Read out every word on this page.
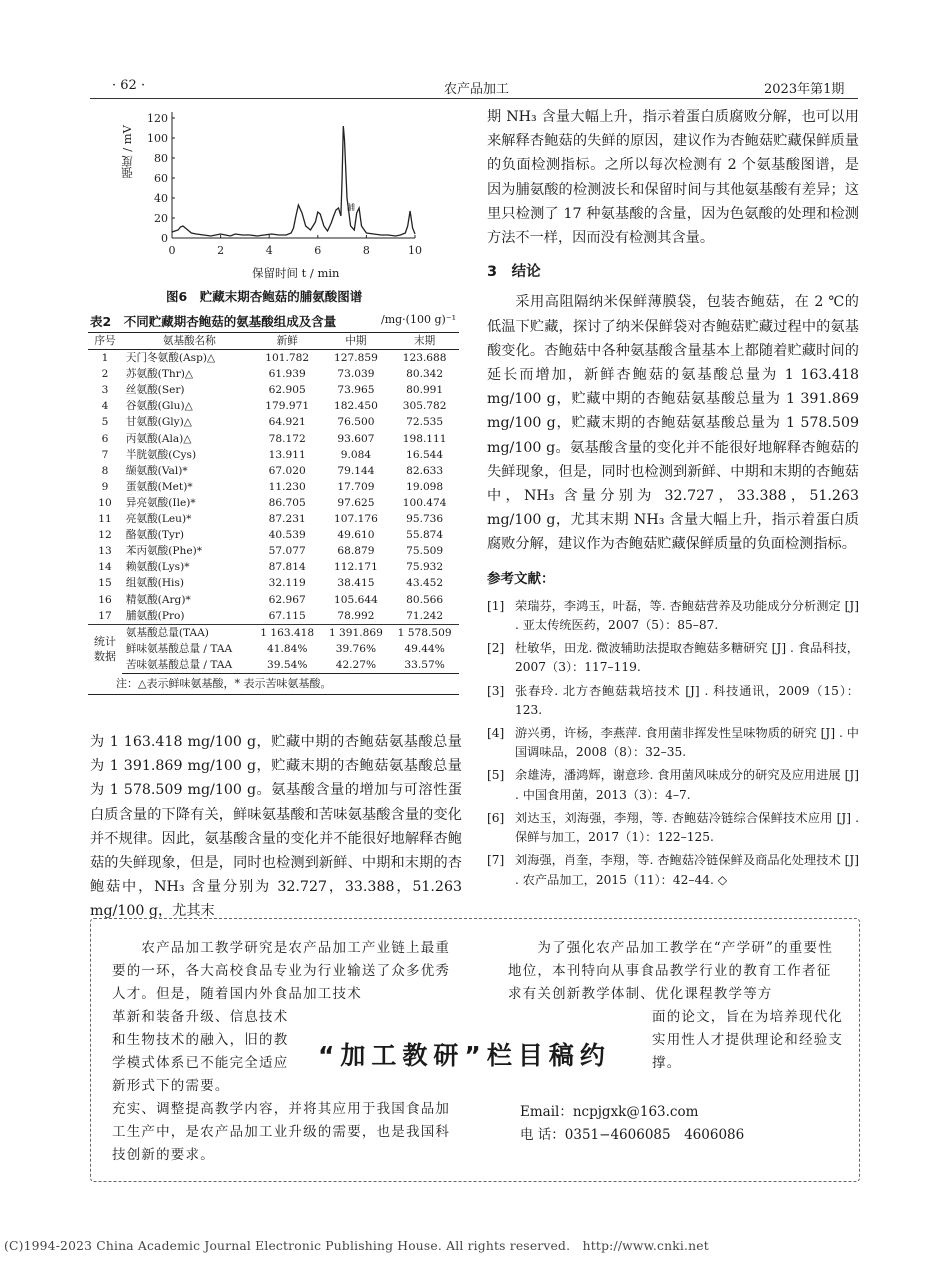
· 62 ·	农产品加工	2023年第1期
120
100
80
60
40
20
0
0	2	4	6	8	10
脯
强度 / mV
保留时间 t / min
图6　贮藏末期杏鲍菇的脯氨酸图谱
表2　不同贮藏期杏鲍菇的氨基酸组成及含量	/mg·(100 g)⁻¹
序号	氨基酸名称	新鲜	中期	末期
1	天门冬氨酸(Asp)△	101.782	127.859	123.688
2	苏氨酸(Thr)△	61.939	73.039	80.342
3	丝氨酸(Ser)	62.905	73.965	80.991
4	谷氨酸(Glu)△	179.971	182.450	305.782
5	甘氨酸(Gly)△	64.921	76.500	72.535
6	丙氨酸(Ala)△	78.172	93.607	198.111
7	半胱氨酸(Cys)	13.911	9.084	16.544
8	缬氨酸(Val)*	67.020	79.144	82.633
9	蛋氨酸(Met)*	11.230	17.709	19.098
10	异亮氨酸(Ile)*	86.705	97.625	100.474
11	亮氨酸(Leu)*	87.231	107.176	95.736
12	酪氨酸(Tyr)	40.539	49.610	55.874
13	苯丙氨酸(Phe)*	57.077	68.879	75.509
14	赖氨酸(Lys)*	87.814	112.171	75.932
15	组氨酸(His)	32.119	38.415	43.452
16	精氨酸(Arg)*	62.967	105.644	80.566
17	脯氨酸(Pro)	67.115	78.992	71.242
统计数据	氨基酸总量(TAA)	1 163.418	1 391.869	1 578.509
	鲜味氨基酸总量 / TAA	41.84%	39.76%	49.44%
	苦味氨基酸总量 / TAA	39.54%	42.27%	33.57%
注：△表示鲜味氨基酸，* 表示苦味氨基酸。				

为 1 163.418 mg/100 g，贮藏中期的杏鲍菇氨基酸总量为 1 391.869 mg/100 g，贮藏末期的杏鲍菇氨基酸总量为 1 578.509 mg/100 g。氨基酸含量的增加与可溶性蛋白质含量的下降有关，鲜味氨基酸和苦味氨基酸含量的变化并不规律。因此，氨基酸含量的变化并不能很好地解释杏鲍菇的失鲜现象，但是，同时也检测到新鲜、中期和末期的杏鲍菇中，NH₃ 含量分别为 32.727，33.388，51.263 mg/100 g，尤其末

期 NH₃ 含量大幅上升，指示着蛋白质腐败分解，也可以用来解释杏鲍菇的失鲜的原因，建议作为杏鲍菇贮藏保鲜质量的负面检测指标。之所以每次检测有 2 个氨基酸图谱，是因为脯氨酸的检测波长和保留时间与其他氨基酸有差异；这里只检测了 17 种氨基酸的含量，因为色氨酸的处理和检测方法不一样，因而没有检测其含量。

3　结论

采用高阻隔纳米保鲜薄膜袋，包装杏鲍菇，在 2 ℃的低温下贮藏，探讨了纳米保鲜袋对杏鲍菇贮藏过程中的氨基酸变化。杏鲍菇中各种氨基酸含量基本上都随着贮藏时间的延长而增加，新鲜杏鲍菇的氨基酸总量为 1 163.418 mg/100 g，贮藏中期的杏鲍菇氨基酸总量为 1 391.869 mg/100 g，贮藏末期的杏鲍菇氨基酸总量为 1 578.509 mg/100 g。氨基酸含量的变化并不能很好地解释杏鲍菇的失鲜现象，但是，同时也检测到新鲜、中期和末期的杏鲍菇中，NH₃ 含量分别为 32.727，33.388，51.263 mg/100 g，尤其末期 NH₃ 含量大幅上升，指示着蛋白质腐败分解，建议作为杏鲍菇贮藏保鲜质量的负面检测指标。

参考文献：

[1] 荣瑞芬，李鸿玉，叶磊，等. 杏鲍菇营养及功能成分分析测定 [J] . 亚太传统医药，2007（5）：85–87.

[2] 杜敏华，田龙. 微波辅助法提取杏鲍菇多糖研究 [J] . 食品科技，2007（3）：117–119.

[3] 张春玲. 北方杏鲍菇栽培技术 [J] . 科技通讯，2009（15）：123.

[4] 游兴勇，许杨，李燕萍. 食用菌非挥发性呈味物质的研究 [J] . 中国调味品，2008（8）：32–35.

[5] 余雄涛，潘鸿辉，谢意珍. 食用菌风味成分的研究及应用进展 [J] . 中国食用菌，2013（3）：4–7.

[6] 刘达玉，刘海强，李翔，等. 杏鲍菇冷链综合保鲜技术应用 [J] . 保鲜与加工，2017（1）：122–125.

[7] 刘海强，肖奎，李翔，等. 杏鲍菇冷链保鲜及商品化处理技术 [J] . 农产品加工，2015（11）：42–44. ◇

　　农产品加工教学研究是农产品加工产业链上最重要的一环，各大高校食品专业为行业输送了众多优秀人才。但是，随着国内外食品加工技术
革新和装备升级、信息技术和生物技术的融入，旧的教学模式体系已不能完全适应新形式下的需要。
充实、调整提高教学内容，并将其应用于我国食品加工生产中，是农产品加工业升级的需要，也是我国科技创新的要求。
　　为了强化农产品加工教学在“产学研”的重要性地位，本刊特向从事食品教学行业的教育工作者征求有关创新教学体制、优化课程教学等方
面的论文，旨在为培养现代化实用性人才提供理论和经验支撑。
“加工教研”栏目稿约
Email：ncpjgxk@163.com
电 话：0351−4606085　4606086
(C)1994-2023 China Academic Journal Electronic Publishing House. All rights reserved.　http://www.cnki.net
